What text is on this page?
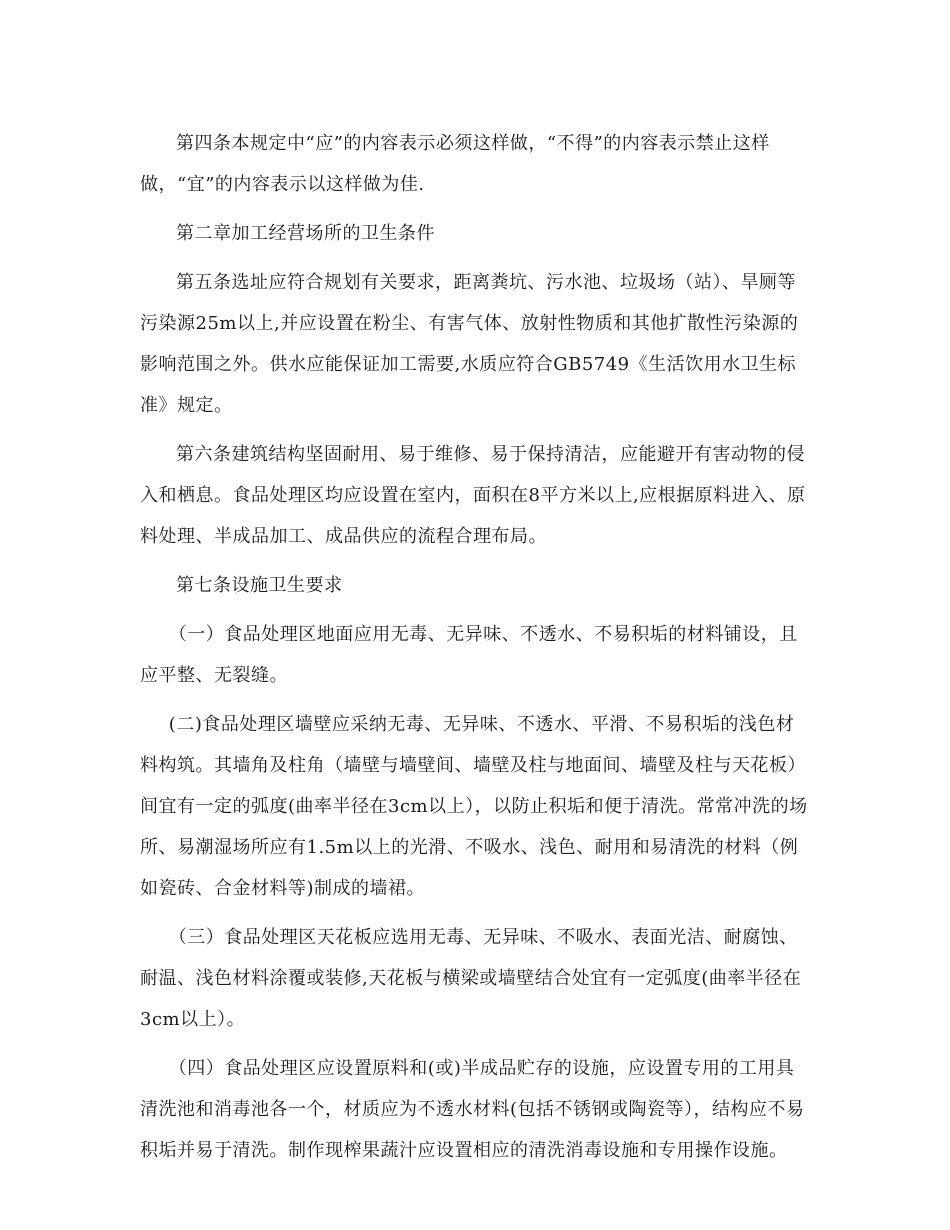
第四条本规定中“应”的内容表示必须这样做，“不得”的内容表示禁止这样做，“宜”的内容表示以这样做为佳.

第二章加工经营场所的卫生条件

第五条选址应符合规划有关要求，距离粪坑、污水池、垃圾场（站）、旱厕等污染源25m以上,并应设置在粉尘、有害气体、放射性物质和其他扩散性污染源的影响范围之外。供水应能保证加工需要,水质应符合GB5749《生活饮用水卫生标准》规定。

第六条建筑结构坚固耐用、易于维修、易于保持清洁，应能避开有害动物的侵入和栖息。食品处理区均应设置在室内，面积在8平方米以上,应根据原料进入、原料处理、半成品加工、成品供应的流程合理布局。

第七条设施卫生要求

（一）食品处理区地面应用无毒、无异味、不透水、不易积垢的材料铺设，且应平整、无裂缝。

(二)食品处理区墙壁应采纳无毒、无异味、不透水、平滑、不易积垢的浅色材料构筑。其墙角及柱角（墙壁与墙壁间、墙壁及柱与地面间、墙壁及柱与天花板）间宜有一定的弧度(曲率半径在3cm以上），以防止积垢和便于清洗。常常冲洗的场所、易潮湿场所应有1.5m以上的光滑、不吸水、浅色、耐用和易清洗的材料（例如瓷砖、合金材料等)制成的墙裙。

（三）食品处理区天花板应选用无毒、无异味、不吸水、表面光洁、耐腐蚀、耐温、浅色材料涂覆或装修,天花板与横梁或墙壁结合处宜有一定弧度(曲率半径在3cm以上）。

（四）食品处理区应设置原料和(或)半成品贮存的设施，应设置专用的工用具清洗池和消毒池各一个，材质应为不透水材料(包括不锈钢或陶瓷等），结构应不易积垢并易于清洗。制作现榨果蔬汁应设置相应的清洗消毒设施和专用操作设施。
